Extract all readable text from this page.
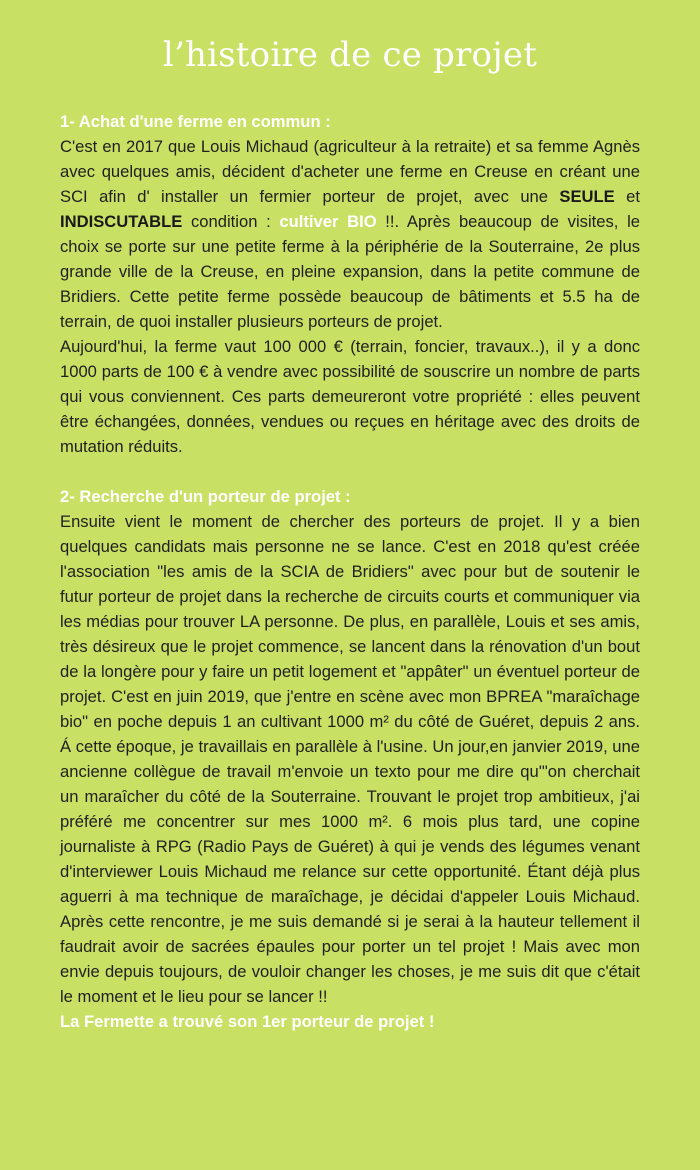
l’histoire de ce projet

1- Achat d'une ferme en commun :

C'est en 2017 que Louis Michaud (agriculteur à la retraite) et sa femme Agnès avec quelques amis, décident d'acheter une ferme en Creuse en créant une SCI afin d' installer un fermier porteur de projet, avec une SEULE et INDISCUTABLE condition : cultiver BIO !!. Après beaucoup de visites, le choix se porte sur une petite ferme à la périphérie de la Souterraine, 2e plus grande ville de la Creuse, en pleine expansion, dans la petite commune de Bridiers. Cette petite ferme possède beaucoup de bâtiments et 5.5 ha de terrain, de quoi installer plusieurs porteurs de projet.

Aujourd'hui, la ferme vaut 100 000 € (terrain, foncier, travaux..), il y a donc 1000 parts de 100 € à vendre avec possibilité de souscrire un nombre de parts qui vous conviennent. Ces parts demeureront votre propriété : elles peuvent être échangées, données, vendues ou reçues en héritage avec des droits de mutation réduits.

2- Recherche d'un porteur de projet :

Ensuite vient le moment de chercher des porteurs de projet. Il y a bien quelques candidats mais personne ne se lance. C'est en 2018 qu'est créée l'association "les amis de la SCIA de Bridiers" avec pour but de soutenir le futur porteur de projet dans la recherche de circuits courts et communiquer via les médias pour trouver LA personne. De plus, en parallèle, Louis et ses amis, très désireux que le projet commence, se lancent dans la rénovation d'un bout de la longère pour y faire un petit logement et "appâter" un éventuel porteur de projet. C'est en juin 2019, que j'entre en scène avec mon BPREA "maraîchage bio" en poche depuis 1 an cultivant 1000 m² du côté de Guéret, depuis 2 ans. Á cette époque, je travaillais en parallèle à l'usine. Un jour,en janvier 2019, une ancienne collègue de travail m'envoie un texto pour me dire qu'"on cherchait un maraîcher du côté de la Souterraine. Trouvant le projet trop ambitieux, j'ai préféré me concentrer sur mes 1000 m². 6 mois plus tard, une copine journaliste à RPG (Radio Pays de Guéret) à qui je vends des légumes venant d'interviewer Louis Michaud me relance sur cette opportunité. Étant déjà plus aguerri à ma technique de maraîchage, je décidai d'appeler Louis Michaud. Après cette rencontre, je me suis demandé si je serai à la hauteur tellement il faudrait avoir de sacrées épaules pour porter un tel projet ! Mais avec mon envie depuis toujours, de vouloir changer les choses, je me suis dit que c'était le moment et le lieu pour se lancer !!

La Fermette a trouvé son 1er porteur de projet !
